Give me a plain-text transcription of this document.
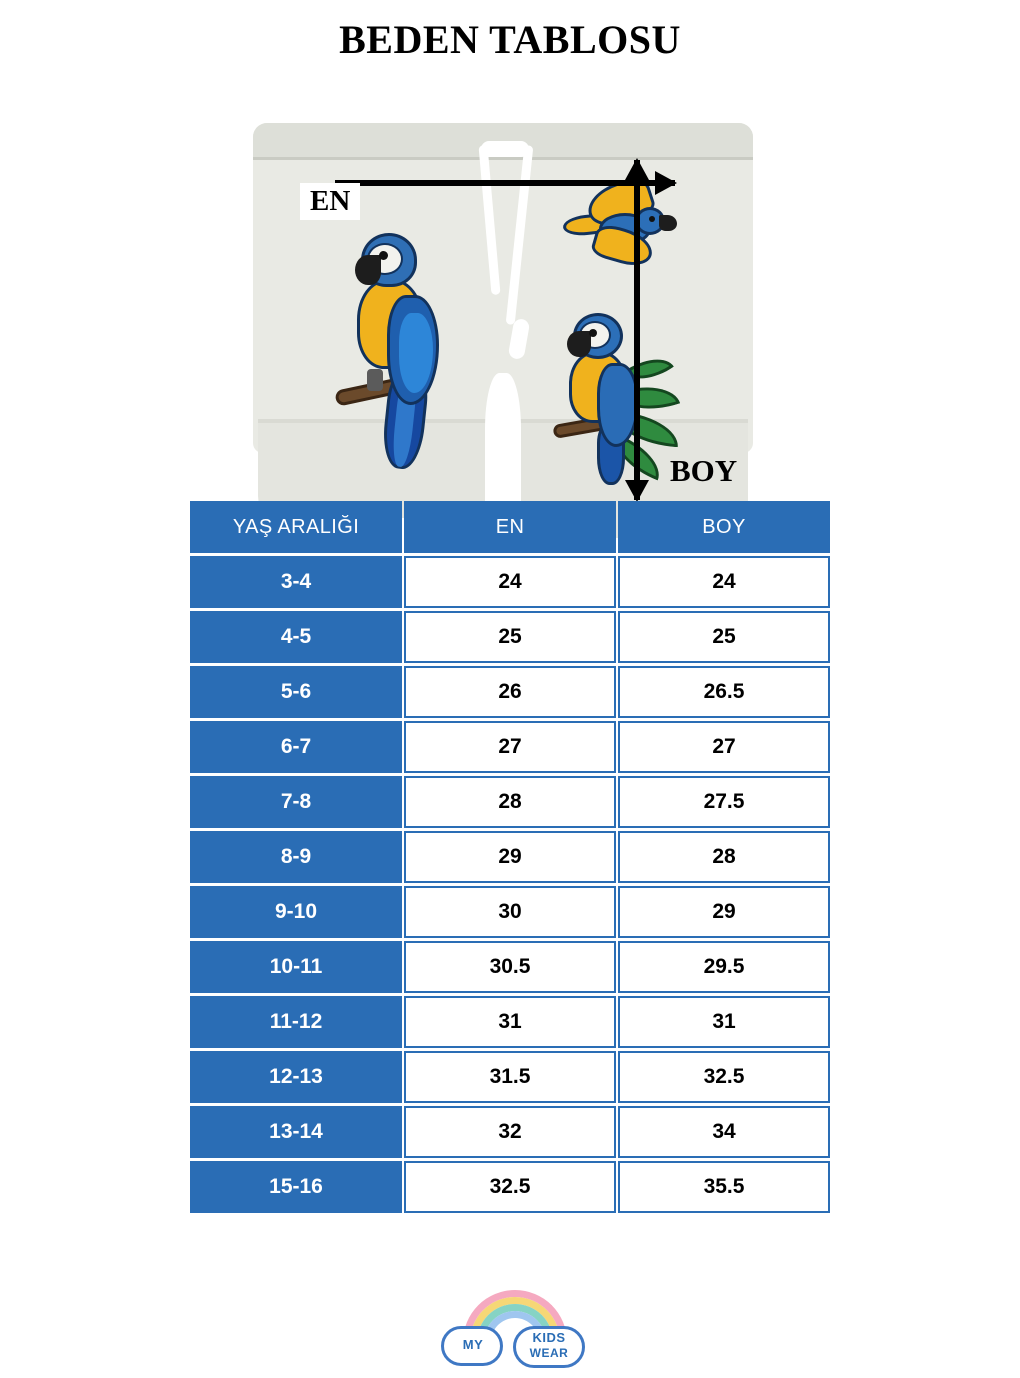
BEDEN TABLOSU
EN
BOY
YAŞ ARALIĞI	EN	BOY
3-4	24	24
4-5	25	25
5-6	26	26.5
6-7	27	27
7-8	28	27.5
8-9	29	28
9-10	30	29
10-11	30.5	29.5
11-12	31	31
12-13	31.5	32.5
13-14	32	34
15-16	32.5	35.5
MY	KIDS
WEAR
